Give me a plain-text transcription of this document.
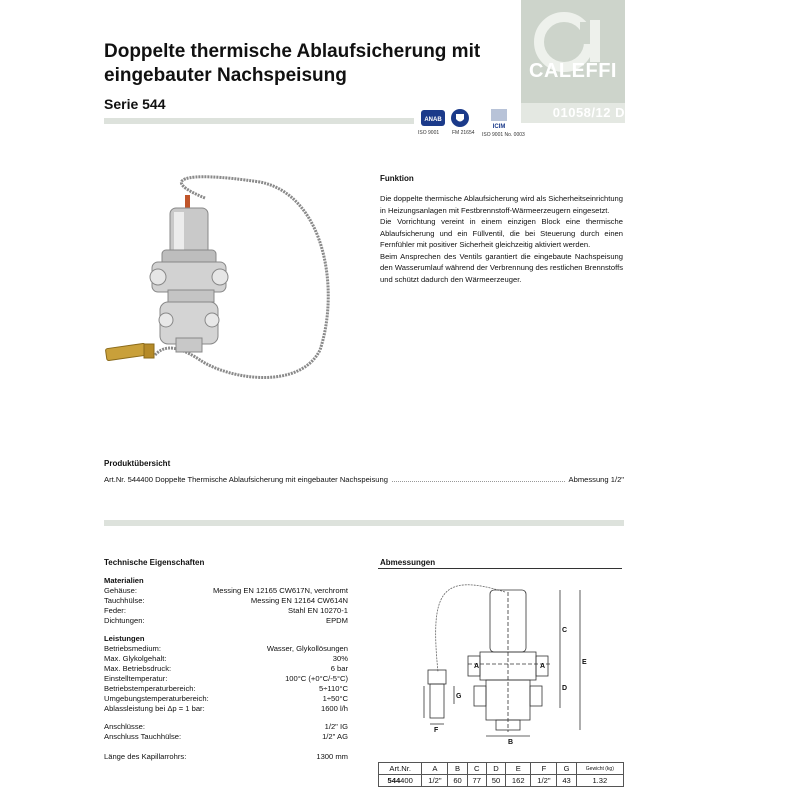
Doppelte thermische Ablaufsicherung mit
eingebauter Nachspeisung
Serie 544
CALEFFI
01058/12 D
ANAB
ISO 9001	FM 21654
ICIM
ISO 9001 No. 0003
Funktion

Die doppelte thermische Ablaufsicherung wird als Sicherheitseinrichtung in Heizungsanlagen mit Festbrennstoff-Wärmeerzeugern eingesetzt.

Die Vorrichtung vereint in einem einzigen Block eine thermische Ablaufsicherung und ein Füllventil, die bei Steuerung durch einen Fernfühler mit positiver Sicherheit gleichzeitig aktiviert werden.

Beim Ansprechen des Ventils garantiert die eingebaute Nachspeisung den Wasserumlauf während der Verbrennung des restlichen Brennstoffs und schützt dadurch den Wärmeerzeuger.

Produktübersicht
Art.Nr. 544400 Doppelte Thermische Ablaufsicherung mit eingebauter Nachspeisung	Abmessung 1/2"
Technische Eigenschaften
Materialien
Gehäuse:	Messing EN 12165 CW617N, verchromt
Tauchhülse:	Messing EN 12164 CW614N
Feder:	Stahl EN 10270-1
Dichtungen:	EPDM
Leistungen
Betriebsmedium:	Wasser, Glykollösungen
Max. Glykolgehalt:	30%
Max. Betriebsdruck:	6 bar
Einstelltemperatur:	100°C (+0°C/-5°C)
Betriebstemperaturbereich:	5÷110°C
Umgebungstemperaturbereich:	1÷50°C
Ablassleistung bei Δp = 1 bar:	1600 l/h
Anschlüsse:	1/2" IG
Anschluss Tauchhülse:	1/2" AG
Länge des Kapillarrohrs:	1300 mm
Abmessungen
A	A
B
C
D
E
F
G
Art.Nr.	A	B	C	D	E	F	G	Gewicht (kg)
544400	1/2"	60	77	50	162	1/2"	43	1.32
